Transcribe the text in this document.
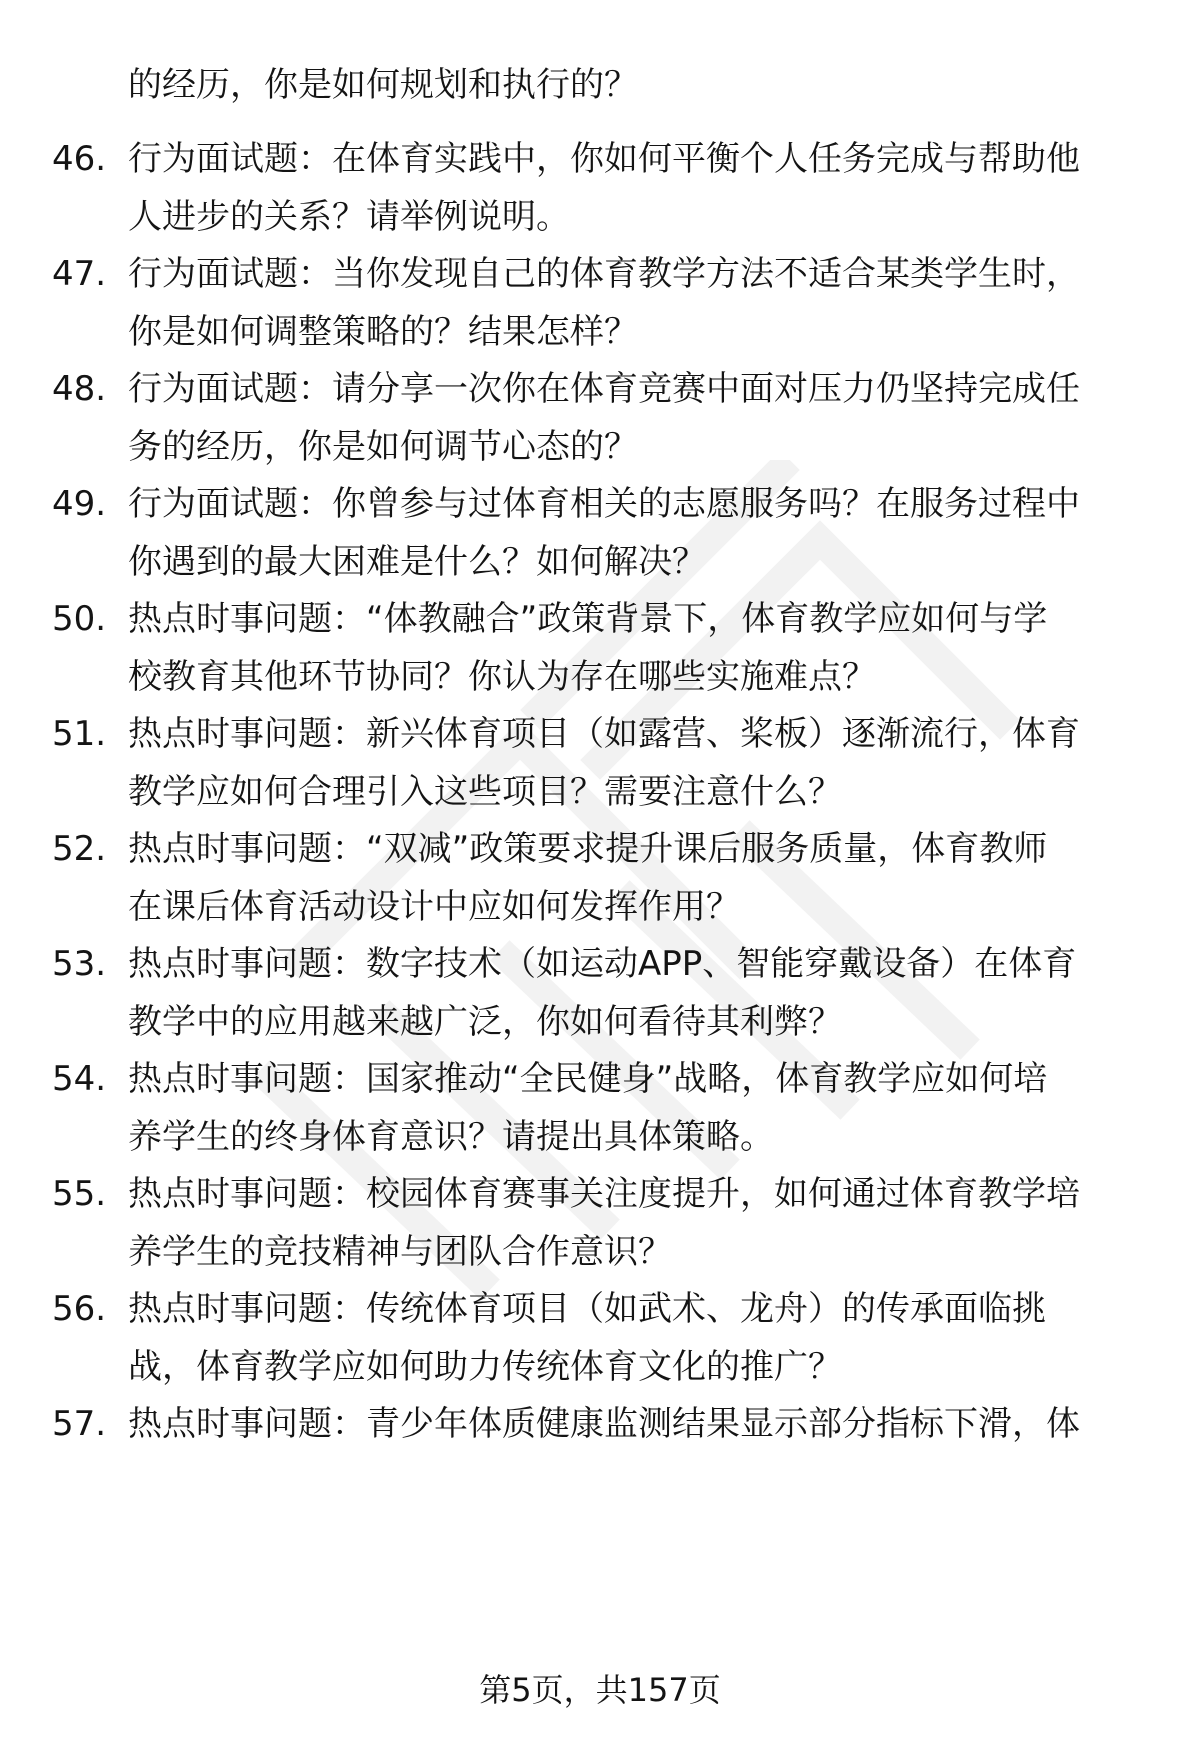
的经历，你是如何规划和执行的？
46. 行为面试题：在体育实践中，你如何平衡个人任务完成与帮助他
人进步的关系？请举例说明。
47. 行为面试题：当你发现自己的体育教学方法不适合某类学生时，
你是如何调整策略的？结果怎样？
48. 行为面试题：请分享一次你在体育竞赛中面对压力仍坚持完成任
务的经历，你是如何调节心态的？
49. 行为面试题：你曾参与过体育相关的志愿服务吗？在服务过程中
你遇到的最大困难是什么？如何解决？
50. 热点时事问题：“体教融合”政策背景下，体育教学应如何与学
校教育其他环节协同？你认为存在哪些实施难点？
51. 热点时事问题：新兴体育项目（如露营、桨板）逐渐流行，体育
教学应如何合理引入这些项目？需要注意什么？
52. 热点时事问题：“双减”政策要求提升课后服务质量，体育教师
在课后体育活动设计中应如何发挥作用？
53. 热点时事问题：数字技术（如运动APP、智能穿戴设备）在体育
教学中的应用越来越广泛，你如何看待其利弊？
54. 热点时事问题：国家推动“全民健身”战略，体育教学应如何培
养学生的终身体育意识？请提出具体策略。
55. 热点时事问题：校园体育赛事关注度提升，如何通过体育教学培
养学生的竞技精神与团队合作意识？
56. 热点时事问题：传统体育项目（如武术、龙舟）的传承面临挑
战，体育教学应如何助力传统体育文化的推广？
57. 热点时事问题：青少年体质健康监测结果显示部分指标下滑，体
第5页，共157页
